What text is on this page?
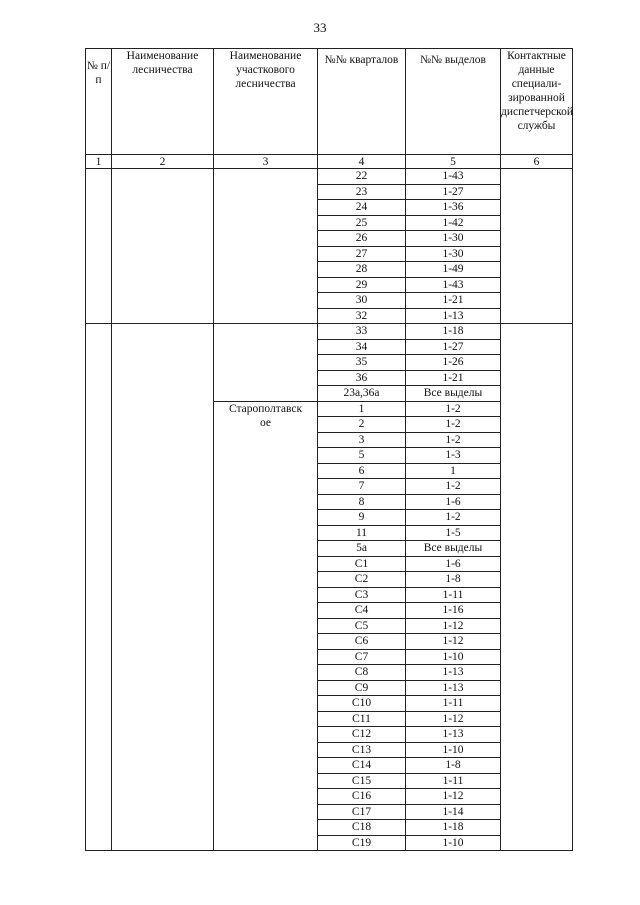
33
№ п/п	Наименование лесничества	Наименование участкового лесничества	№№ кварталов	№№ выделов	Контактные данные специали-зированной диспетчерской службы
1	2	3	4	5	6
			22	1-43	
			23	1-27	
			24	1-36	
			25	1-42	
			26	1-30	
			27	1-30	
			28	1-49	
			29	1-43	
			30	1-21	
			32	1-13	
			33	1-18	
			34	1-27	
			35	1-26	
			36	1-21	
			23а,36а	Все выделы	
		Старополтавское	1	1-2	
			2	1-2	
			3	1-2	
			5	1-3	
			6	1	
			7	1-2	
			8	1-6	
			9	1-2	
			11	1-5	
			5а	Все выделы	
			С1	1-6	
			С2	1-8	
			С3	1-11	
			С4	1-16	
			С5	1-12	
			С6	1-12	
			С7	1-10	
			С8	1-13	
			С9	1-13	
			С10	1-11	
			С11	1-12	
			С12	1-13	
			С13	1-10	
			С14	1-8	
			С15	1-11	
			С16	1-12	
			С17	1-14	
			С18	1-18	
			С19	1-10	
